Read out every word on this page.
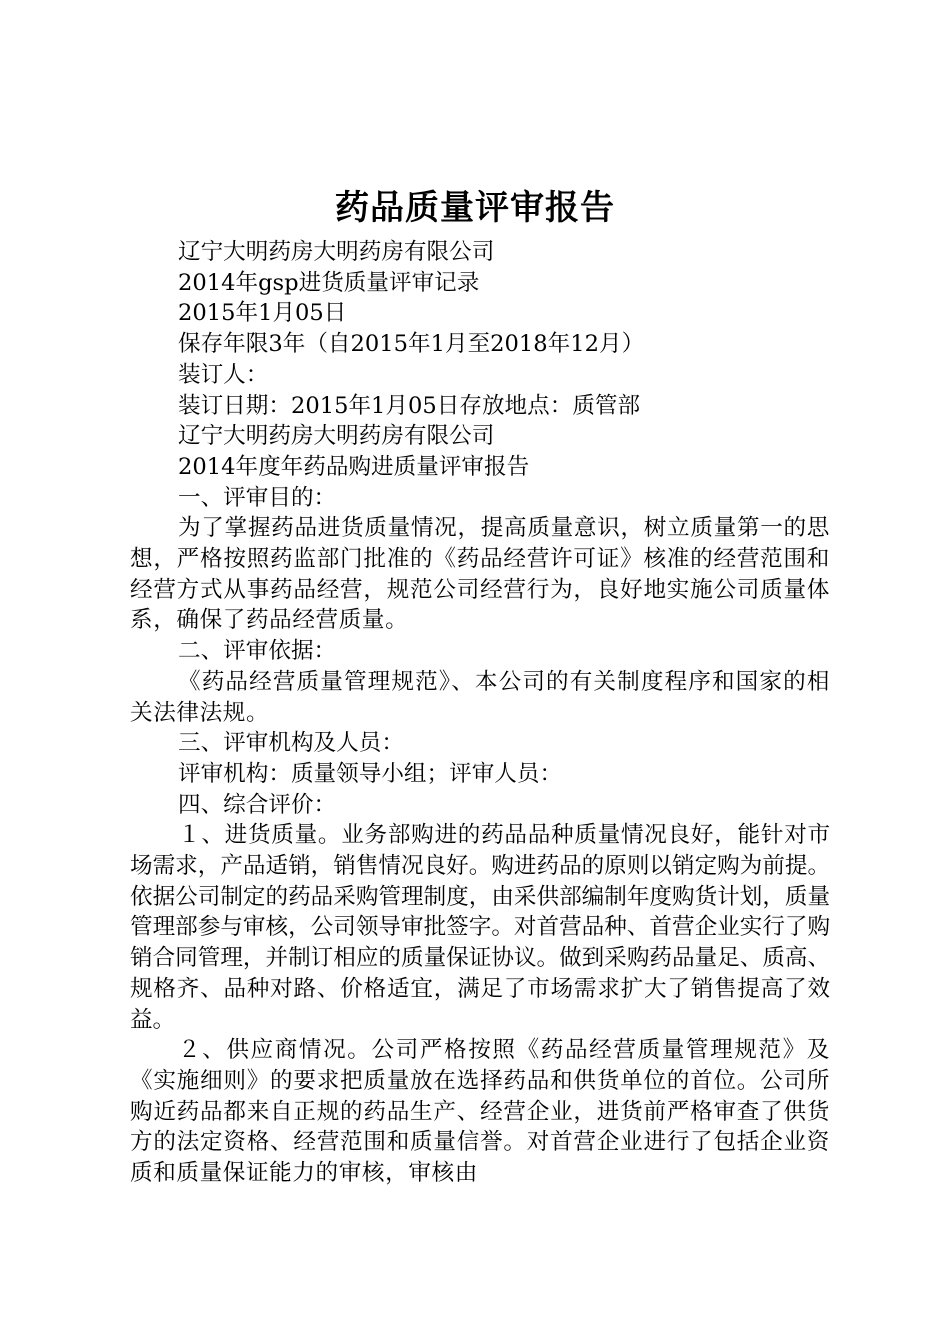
药品质量评审报告

辽宁大明药房大明药房有限公司

2014年gsp进货质量评审记录

2015年1月05日

保存年限3年（自2015年1月至2018年12月）

装订人：

装订日期：2015年1月05日存放地点：质管部

辽宁大明药房大明药房有限公司

2014年度年药品购进质量评审报告

一、评审目的：

为了掌握药品进货质量情况，提高质量意识，树立质量第一的思想，严格按照药监部门批准的《药品经营许可证》核准的经营范围和经营方式从事药品经营，规范公司经营行为，良好地实施公司质量体系，确保了药品经营质量。

二、评审依据：

《药品经营质量管理规范》、本公司的有关制度程序和国家的相关法律法规。

三、评审机构及人员：

评审机构：质量领导小组；评审人员：

四、综合评价：

１、进货质量。业务部购进的药品品种质量情况良好，能针对市场需求，产品适销，销售情况良好。购进药品的原则以销定购为前提。依据公司制定的药品采购管理制度，由采供部编制年度购货计划，质量管理部参与审核，公司领导审批签字。对首营品种、首营企业实行了购销合同管理，并制订相应的质量保证协议。做到采购药品量足、质高、规格齐、品种对路、价格适宜，满足了市场需求扩大了销售提高了效益。

２、供应商情况。公司严格按照《药品经营质量管理规范》及《实施细则》的要求把质量放在选择药品和供货单位的首位。公司所购近药品都来自正规的药品生产、经营企业，进货前严格审查了供货方的法定资格、经营范围和质量信誉。对首营企业进行了包括企业资质和质量保证能力的审核，审核由
